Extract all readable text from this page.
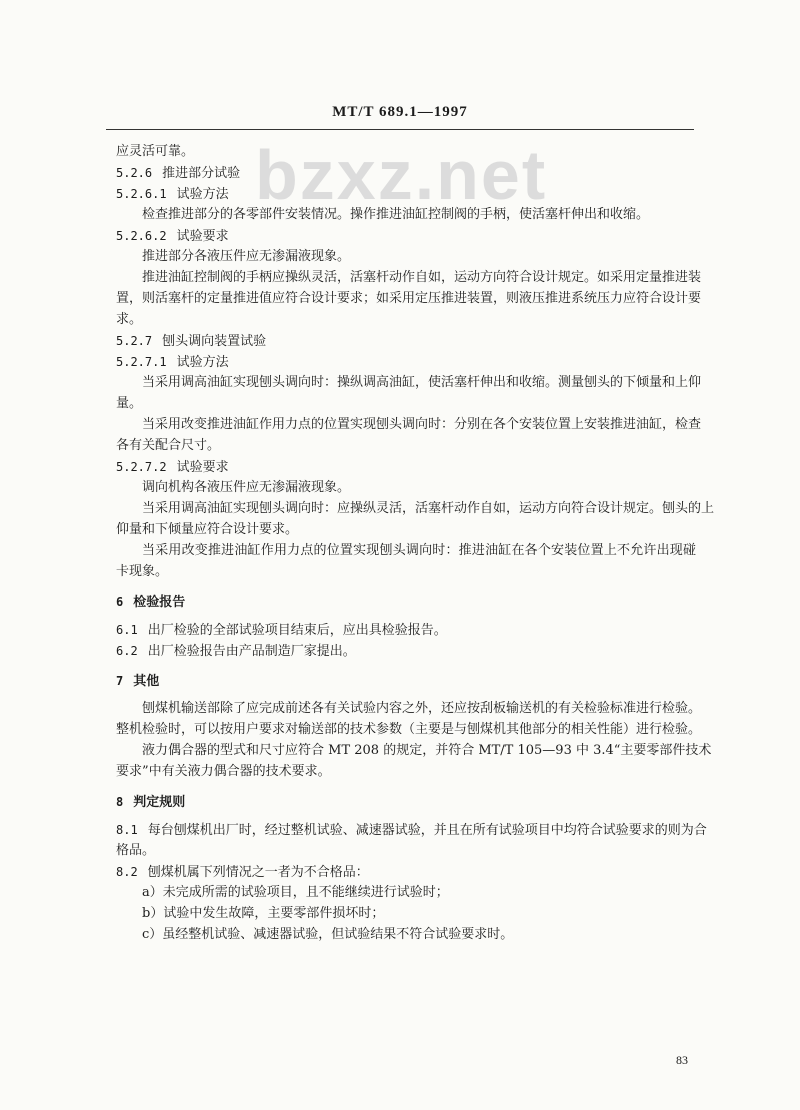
bzxz.net
MT/T 689.1—1997
应灵活可靠。
5.2.6 推进部分试验
5.2.6.1 试验方法
检查推进部分的各零部件安装情况。操作推进油缸控制阀的手柄，使活塞杆伸出和收缩。
5.2.6.2 试验要求
推进部分各液压件应无渗漏液现象。
推进油缸控制阀的手柄应操纵灵活，活塞杆动作自如，运动方向符合设计规定。如采用定量推进装
置，则活塞杆的定量推进值应符合设计要求；如采用定压推进装置，则液压推进系统压力应符合设计要
求。
5.2.7 刨头调向装置试验
5.2.7.1 试验方法
当采用调高油缸实现刨头调向时：操纵调高油缸，使活塞杆伸出和收缩。测量刨头的下倾量和上仰
量。
当采用改变推进油缸作用力点的位置实现刨头调向时：分别在各个安装位置上安装推进油缸，检查
各有关配合尺寸。
5.2.7.2 试验要求
调向机构各液压件应无渗漏液现象。
当采用调高油缸实现刨头调向时：应操纵灵活，活塞杆动作自如，运动方向符合设计规定。刨头的上
仰量和下倾量应符合设计要求。
当采用改变推进油缸作用力点的位置实现刨头调向时：推进油缸在各个安装位置上不允许出现碰
卡现象。
6 检验报告
6.1 出厂检验的全部试验项目结束后，应出具检验报告。
6.2 出厂检验报告由产品制造厂家提出。
7 其他
刨煤机输送部除了应完成前述各有关试验内容之外，还应按刮板输送机的有关检验标准进行检验。
整机检验时，可以按用户要求对输送部的技术参数（主要是与刨煤机其他部分的相关性能）进行检验。
液力偶合器的型式和尺寸应符合 MT 208 的规定，并符合 MT/T 105—93 中 3.4“主要零部件技术
要求”中有关液力偶合器的技术要求。
8 判定规则
8.1 每台刨煤机出厂时，经过整机试验、减速器试验，并且在所有试验项目中均符合试验要求的则为合
格品。
8.2 刨煤机属下列情况之一者为不合格品：
a）未完成所需的试验项目，且不能继续进行试验时；
b）试验中发生故障，主要零部件损坏时；
c）虽经整机试验、减速器试验，但试验结果不符合试验要求时。
83
